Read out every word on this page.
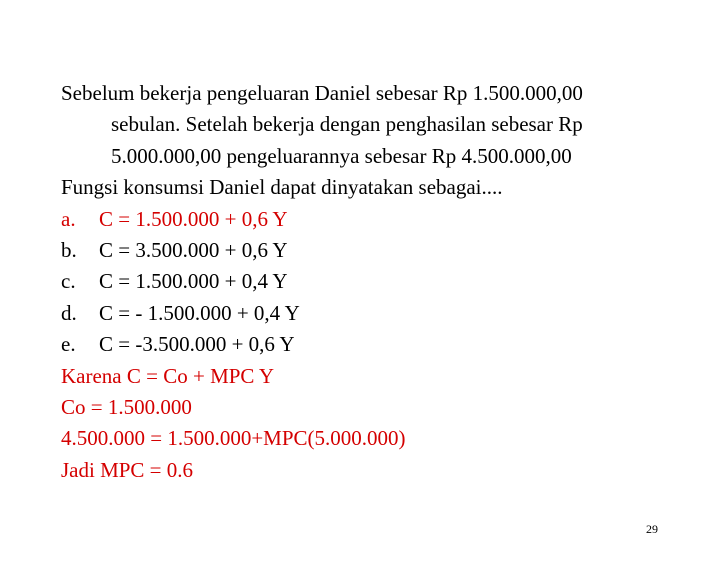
Sebelum bekerja pengeluaran Daniel sebesar Rp 1.500.000,00
sebulan. Setelah bekerja dengan penghasilan sebesar Rp
5.000.000,00 pengeluarannya sebesar Rp 4.500.000,00
Fungsi konsumsi Daniel dapat dinyatakan sebagai....
a. C = 1.500.000 + 0,6 Y
b. C = 3.500.000 + 0,6 Y
c. C = 1.500.000 + 0,4 Y
d. C = - 1.500.000 + 0,4 Y
e. C = -3.500.000 + 0,6 Y
Karena C = Co + MPC Y
Co = 1.500.000
4.500.000 = 1.500.000+MPC(5.000.000)
Jadi MPC = 0.6
29
